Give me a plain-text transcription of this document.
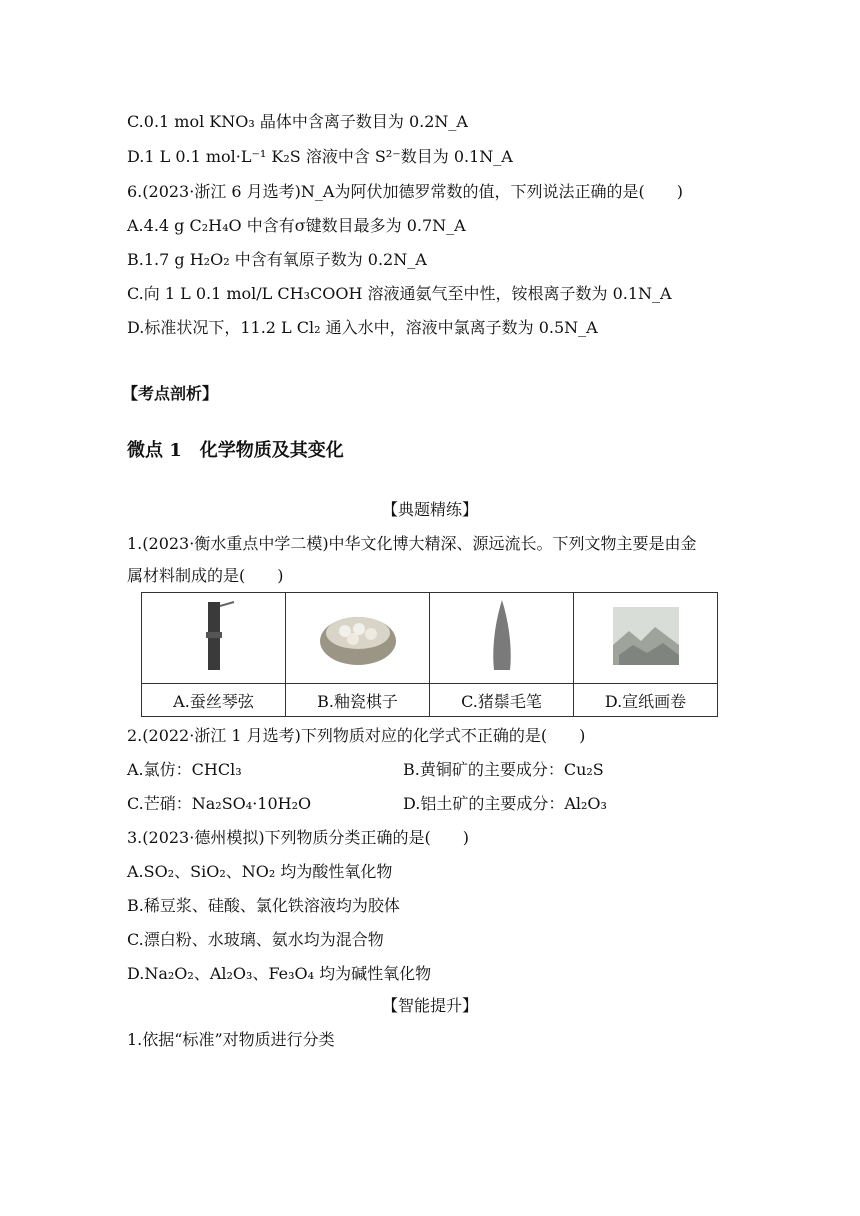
C.0.1 mol KNO₃ 晶体中含离子数目为 0.2N_A
D.1 L 0.1 mol·L⁻¹ K₂S 溶液中含 S²⁻数目为 0.1N_A
6.(2023·浙江 6 月选考)N_A为阿伏加德罗常数的值，下列说法正确的是(　　)
A.4.4 g C₂H₄O 中含有σ键数目最多为 0.7N_A
B.1.7 g H₂O₂ 中含有氧原子数为 0.2N_A
C.向 1 L 0.1 mol/L CH₃COOH 溶液通氨气至中性，铵根离子数为 0.1N_A
D.标准状况下，11.2 L Cl₂ 通入水中，溶液中氯离子数为 0.5N_A
【考点剖析】
微点 1　化学物质及其变化
【典题精练】
1.(2023·衡水重点中学二模)中华文化博大精深、源远流长。下列文物主要是由金
属材料制成的是(　　)

A.蚕丝琴弦	B.釉瓷棋子	C.猪鬃毛笔	D.宣纸画卷
2.(2022·浙江 1 月选考)下列物质对应的化学式不正确的是(　　)
A.氯仿：CHCl₃	B.黄铜矿的主要成分：Cu₂S
C.芒硝：Na₂SO₄·10H₂O	D.铝土矿的主要成分：Al₂O₃
3.(2023·德州模拟)下列物质分类正确的是(　　)
A.SO₂、SiO₂、NO₂ 均为酸性氧化物
B.稀豆浆、硅酸、氯化铁溶液均为胶体
C.漂白粉、水玻璃、氨水均为混合物
D.Na₂O₂、Al₂O₃、Fe₃O₄ 均为碱性氧化物
【智能提升】
1.依据“标准”对物质进行分类
